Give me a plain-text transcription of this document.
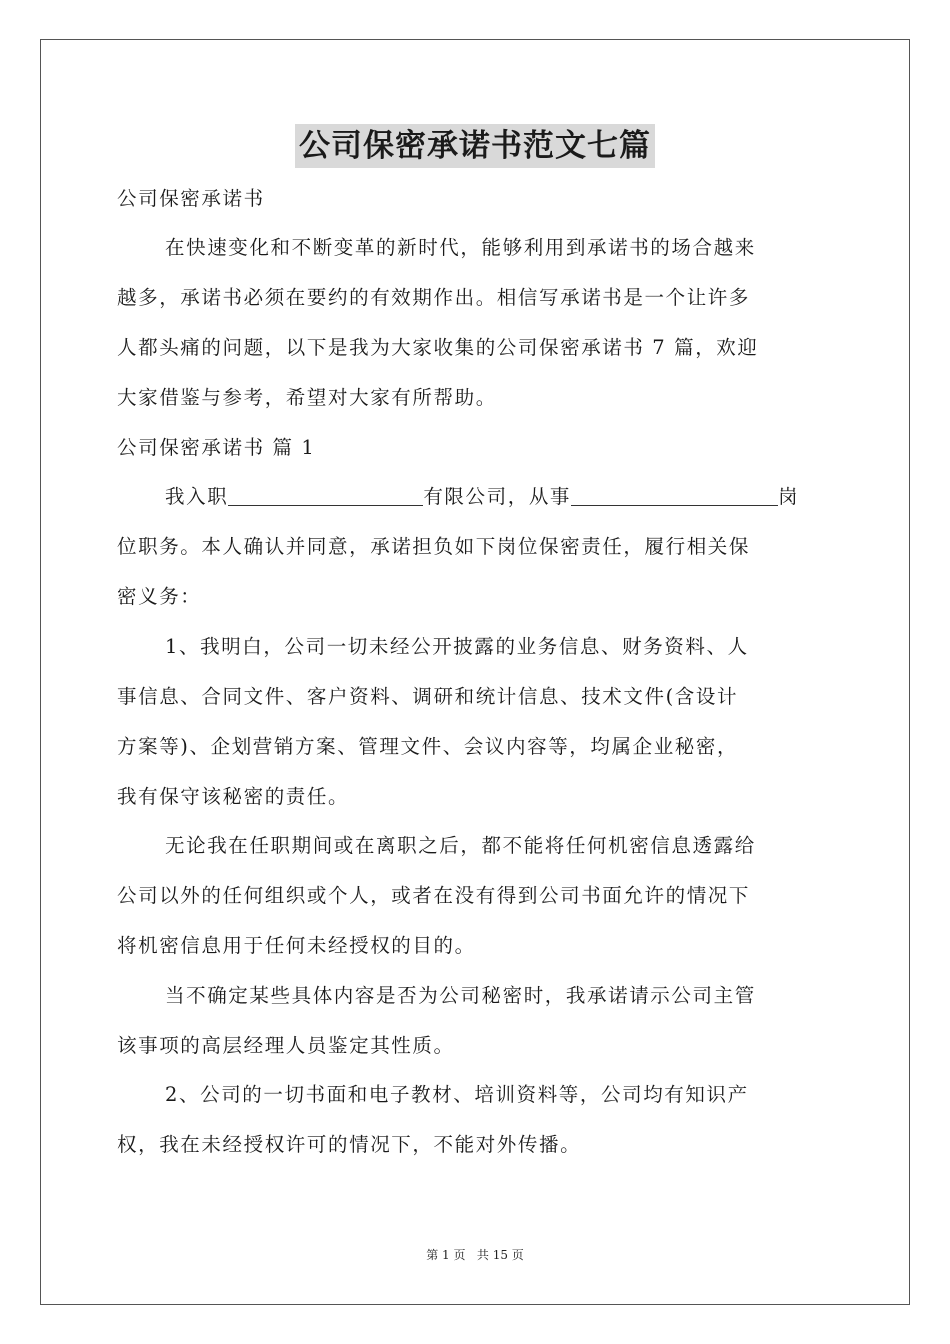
公司保密承诺书范文七篇
公司保密承诺书
在快速变化和不断变革的新时代，能够利用到承诺书的场合越来
越多，承诺书必须在要约的有效期作出。相信写承诺书是一个让许多
人都头痛的问题，以下是我为大家收集的公司保密承诺书 7 篇，欢迎
大家借鉴与参考，希望对大家有所帮助。
公司保密承诺书 篇 1
我入职	有限公司，从事	岗
位职务。本人确认并同意，承诺担负如下岗位保密责任，履行相关保
密义务：
1、我明白，公司一切未经公开披露的业务信息、财务资料、人
事信息、合同文件、客户资料、调研和统计信息、技术文件(含设计
方案等)、企划营销方案、管理文件、会议内容等，均属企业秘密，
我有保守该秘密的责任。
无论我在任职期间或在离职之后，都不能将任何机密信息透露给
公司以外的任何组织或个人，或者在没有得到公司书面允许的情况下
将机密信息用于任何未经授权的目的。
当不确定某些具体内容是否为公司秘密时，我承诺请示公司主管
该事项的高层经理人员鉴定其性质。
2、公司的一切书面和电子教材、培训资料等，公司均有知识产
权，我在未经授权许可的情况下，不能对外传播。
第 1 页 共 15 页
